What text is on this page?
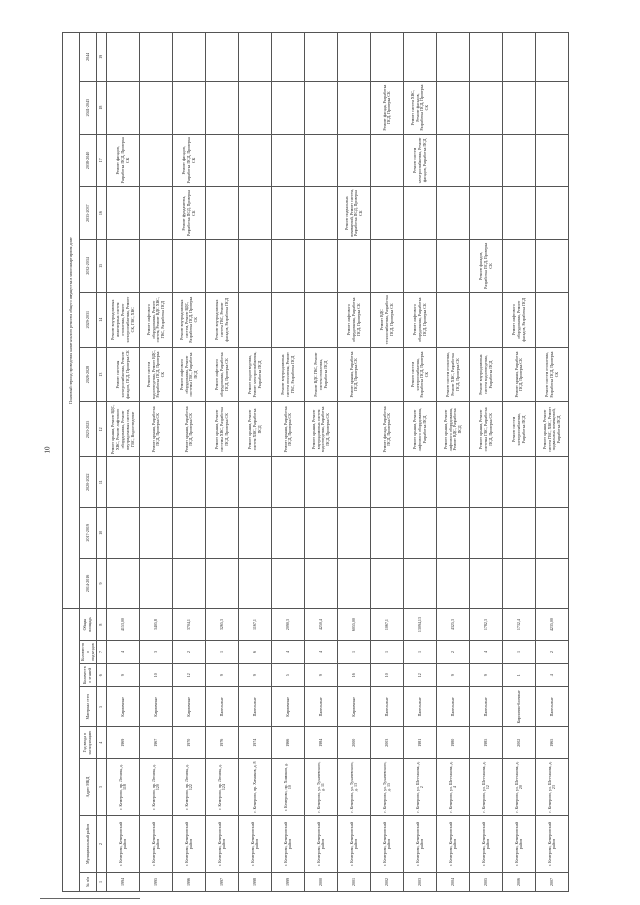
10
								Плановый период проведения капитального ремонта общего имущества в многоквартирном доме										
№ п/п	Муниципальный район	Адрес МКД	Год ввода в эксплуатацию	Материал стен	Количество этажей	Количество подъездов	Общая площадь	2014-2016	2017-2019	2020-2022	2023-2025	2026-2028	2029-2031	2032-2034	2035-2037	2038-2040	2041-2043	2044
1	2	3	4	5	6	7	8	9	10	11	12	13	14	15	16	17	18	19
1994	г. Кемерово, Кемеровский район	г. Кемерово, пр. Ленина, д. 118	1969	Кирпичные	9	4	4153,00				Ремонт крыши, Ремонт ВДС, ХВС, Ремонт лифтового оборудования, Ремонт внутридомовых систем, ГВС, Водоотведение	Ремонт системы электроснабжения, Ремонт фасадов, ПСД, Проверка СК	Ремонт внутридомовых инженерных систем отопления, Ремонт электроснабжения, Ремонт СК, ГВС, ХВС			Ремонт фасадов, Разработка ПСД, Проверка СК		
1995	г. Кемерово, Кемеровский район	г. Кемерово, пр. Ленина, д. 120	1967	Кирпичные	10	3	3405,8				Ремонт крыши, Разработка ПСД, Проверка СК	Ремонт систем водоотведения, Ремонт ВДС, Разработка ПСД, Проверка СК	Ремонт лифтового оборудования, Ремонт систем, Ремонт ВДС ХВС, ГВС, Разработка ПСД					
1996	г. Кемерово, Кемеровский район	г. Кемерово, пр. Ленина, д. 122	1970	Кирпичные	12	2	3704,1				Ремонт крыши, Разработка ПСД, Проверка СК	Ремонт лифтового оборудования, Ремонт системы ГВС, Разработка ПСД	Ремонт внутридомовых систем, Ремонт ВДС, Разработка ПСД, Проверка СК		Ремонт фундамента, Разработка ПСД, Проверка СК	Ремонт фасадов, Разработка ПСД, Проверка СК		
1997	г. Кемерово, Кемеровский район	г. Кемерово, пр. Ленина, д. 124	1976	Панельные	9	1	3265,3				Ремонт крыши, Ремонт системы ХВС, Разработка ПСД, Проверка СК	Ремонт лифтового оборудования, Разработка ПСД, Проверка СК	Ремонт внутридомовых систем ГВС, Ремонт фасадов, Разработка ПСД					
1998	г. Кемерово, Кемеровский район	г. Кемерово, пр. Химиков, д. 8	1974	Панельные	9	6	1167,1				Ремонт крыши, Ремонт систем ХВС, Разработка ПСД	Ремонт водоотведения, Ремонт электроснабжения, Разработка ПСД						
1999	г. Кемерово, Кемеровский район	г. Кемерово, пр. Химиков, д. 10	1966	Кирпичные	5	4	2090,3				Ремонт крыши, Разработка ПСД, Проверка СК	Ремонт внутридомовых систем отопления, Ремонт ГВС, Разработка ПСД						
2000	г. Кемерово, Кемеровский район	г. Кемерово, ул. Тухачевского, д. 11	1984	Панельные	9	4	4250,4				Ремонт крыши, Ремонт внутридомовых систем водоотведения, Разработка ПСД, Проверка СК	Ремонт ВДС ГВС, Ремонт систем отопления, Разработка ПСД						
2001	г. Кемерово, Кемеровский район	г. Кемерово, ул. Тухачевского, д. 13	2000	Кирпичные	16	1	6055,00					Ремонт крыши, Разработка ПСД, Проверка СК	Ремонт лифтового оборудования, Разработка ПСД, Проверка СК		Ремонт подвальных помещений, Ремонт систем, Разработка ПСД, Проверка СК			
2002	г. Кемерово, Кемеровский район	г. Кемерово, ул. Тухачевского, д. 15	2003	Панельные	10	1	1067,1				Ремонт фасада, Разработка ПСД, Проверка СК		Ремонт ВДС теплоснабжения, Разработка ПСД, Проверка СК				Ремонт фасада, Разработка ПСД, Проверка СК	
2003	г. Кемерово, Кемеровский район	г. Кемерово, ул. Шестакова, д. 2	1981	Панельные	12	1	13094,13				Ремонт крыши, Ремонт лифтового оборудования, Разработка ПСД	Ремонт систем электроснабжения, Разработка ПСД, Проверка СК	Ремонт лифтового оборудования, Разработка ПСД, Проверка СК			Ремонт систем электроснабжения, Ремонт фасадов, Разработка ПСД	Ремонт систем ХВС, Ремонт фасадов, Разработка ПСД, Проверка СК	
2004	г. Кемерово, Кемеровский район	г. Кемерово, ул. Шестакова, д. 4	1980	Панельные	9	2	4325,3				Ремонт крыши, Ремонт лифтового оборудования, Ремонт ВДС, Разработка ПСД	Ремонт систем отопления, Ремонт ХВС, Разработка ПСД, Проверка СК						
2005	г. Кемерово, Кемеровский район	г. Кемерово, ул. Шестакова, д. 12	1985	Панельные	9	4	1782,3				Ремонт крыши, Ремонт системы ГВС, Разработка ПСД, Проверка СК	Ремонт внутридомовых систем водоотведения, Разработка ПСД		Ремонт фасадов, Разработка ПСД, Проверка СК				
2006	г. Кемерово, Кемеровский район	г. Кемерово, ул. Шестакова, д. 20	2002	Кирпично-блочные	1	1	1732,4				Ремонт систем электроснабжения, Разработка ПСД	Ремонт крыши, Разработка ПСД, Проверка СК	Ремонт лифтового оборудования, Ремонт фасадов, Разработка ПСД					
2007	г. Кемерово, Кемеровский район	г. Кемерово, ул. Шестакова, д. 23	1965	Панельные	4	2	4235,00				Ремонт крыши, Ремонт систем ГВС, ХВС, Ремонт подвальных помещений, Разработка ПСД	Ремонт систем отопления, Разработка ПСД, Проверка СК						
